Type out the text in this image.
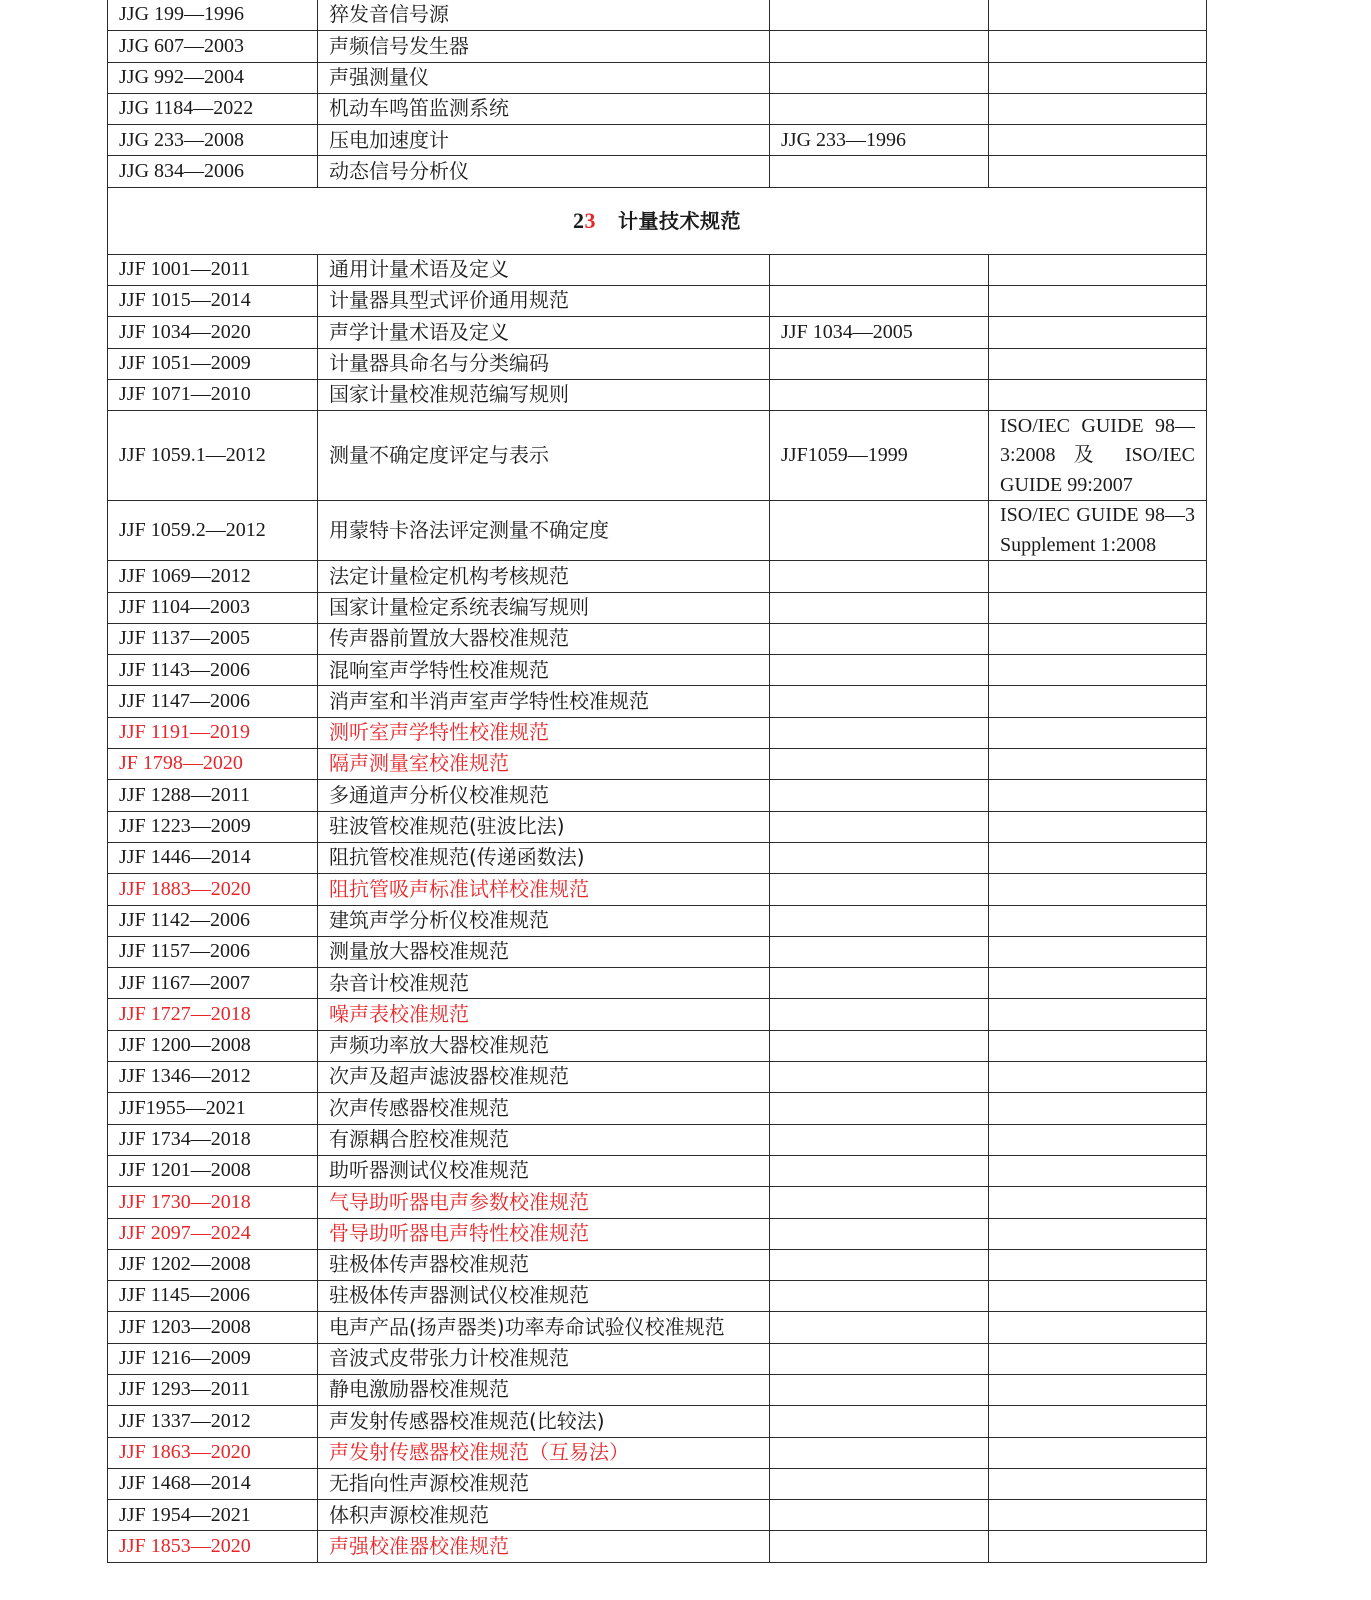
JJG 199—1996	猝发音信号源		
JJG 607—2003	声频信号发生器		
JJG 992—2004	声强测量仪		
JJG 1184—2022	机动车鸣笛监测系统		
JJG 233—2008	压电加速度计	JJG 233—1996	
JJG 834—2006	动态信号分析仪		
23 计量技术规范			
JJF 1001—2011	通用计量术语及定义		
JJF 1015—2014	计量器具型式评价通用规范		
JJF 1034—2020	声学计量术语及定义	JJF 1034—2005	
JJF 1051—2009	计量器具命名与分类编码		
JJF 1071—2010	国家计量校准规范编写规则		
JJF 1059.1—2012	测量不确定度评定与表示	JJF1059—1999	ISO/IEC GUIDE 98—3:2008 及 ISO/IEC GUIDE 99:2007
JJF 1059.2—2012	用蒙特卡洛法评定测量不确定度		ISO/IEC GUIDE 98—3 Supplement 1:2008
JJF 1069—2012	法定计量检定机构考核规范		
JJF 1104—2003	国家计量检定系统表编写规则		
JJF 1137—2005	传声器前置放大器校准规范		
JJF 1143—2006	混响室声学特性校准规范		
JJF 1147—2006	消声室和半消声室声学特性校准规范		
JJF 1191—2019	测听室声学特性校准规范		
JF 1798—2020	隔声测量室校准规范		
JJF 1288—2011	多通道声分析仪校准规范		
JJF 1223—2009	驻波管校准规范(驻波比法)		
JJF 1446—2014	阻抗管校准规范(传递函数法)		
JJF 1883—2020	阻抗管吸声标准试样校准规范		
JJF 1142—2006	建筑声学分析仪校准规范		
JJF 1157—2006	测量放大器校准规范		
JJF 1167—2007	杂音计校准规范		
JJF 1727—2018	噪声表校准规范		
JJF 1200—2008	声频功率放大器校准规范		
JJF 1346—2012	次声及超声滤波器校准规范		
JJF1955—2021	次声传感器校准规范		
JJF 1734—2018	有源耦合腔校准规范		
JJF 1201—2008	助听器测试仪校准规范		
JJF 1730—2018	气导助听器电声参数校准规范		
JJF 2097—2024	骨导助听器电声特性校准规范		
JJF 1202—2008	驻极体传声器校准规范		
JJF 1145—2006	驻极体传声器测试仪校准规范		
JJF 1203—2008	电声产品(扬声器类)功率寿命试验仪校准规范		
JJF 1216—2009	音波式皮带张力计校准规范		
JJF 1293—2011	静电激励器校准规范		
JJF 1337—2012	声发射传感器校准规范(比较法)		
JJF 1863—2020	声发射传感器校准规范（互易法）		
JJF 1468—2014	无指向性声源校准规范		
JJF 1954—2021	体积声源校准规范		
JJF 1853—2020	声强校准器校准规范		
